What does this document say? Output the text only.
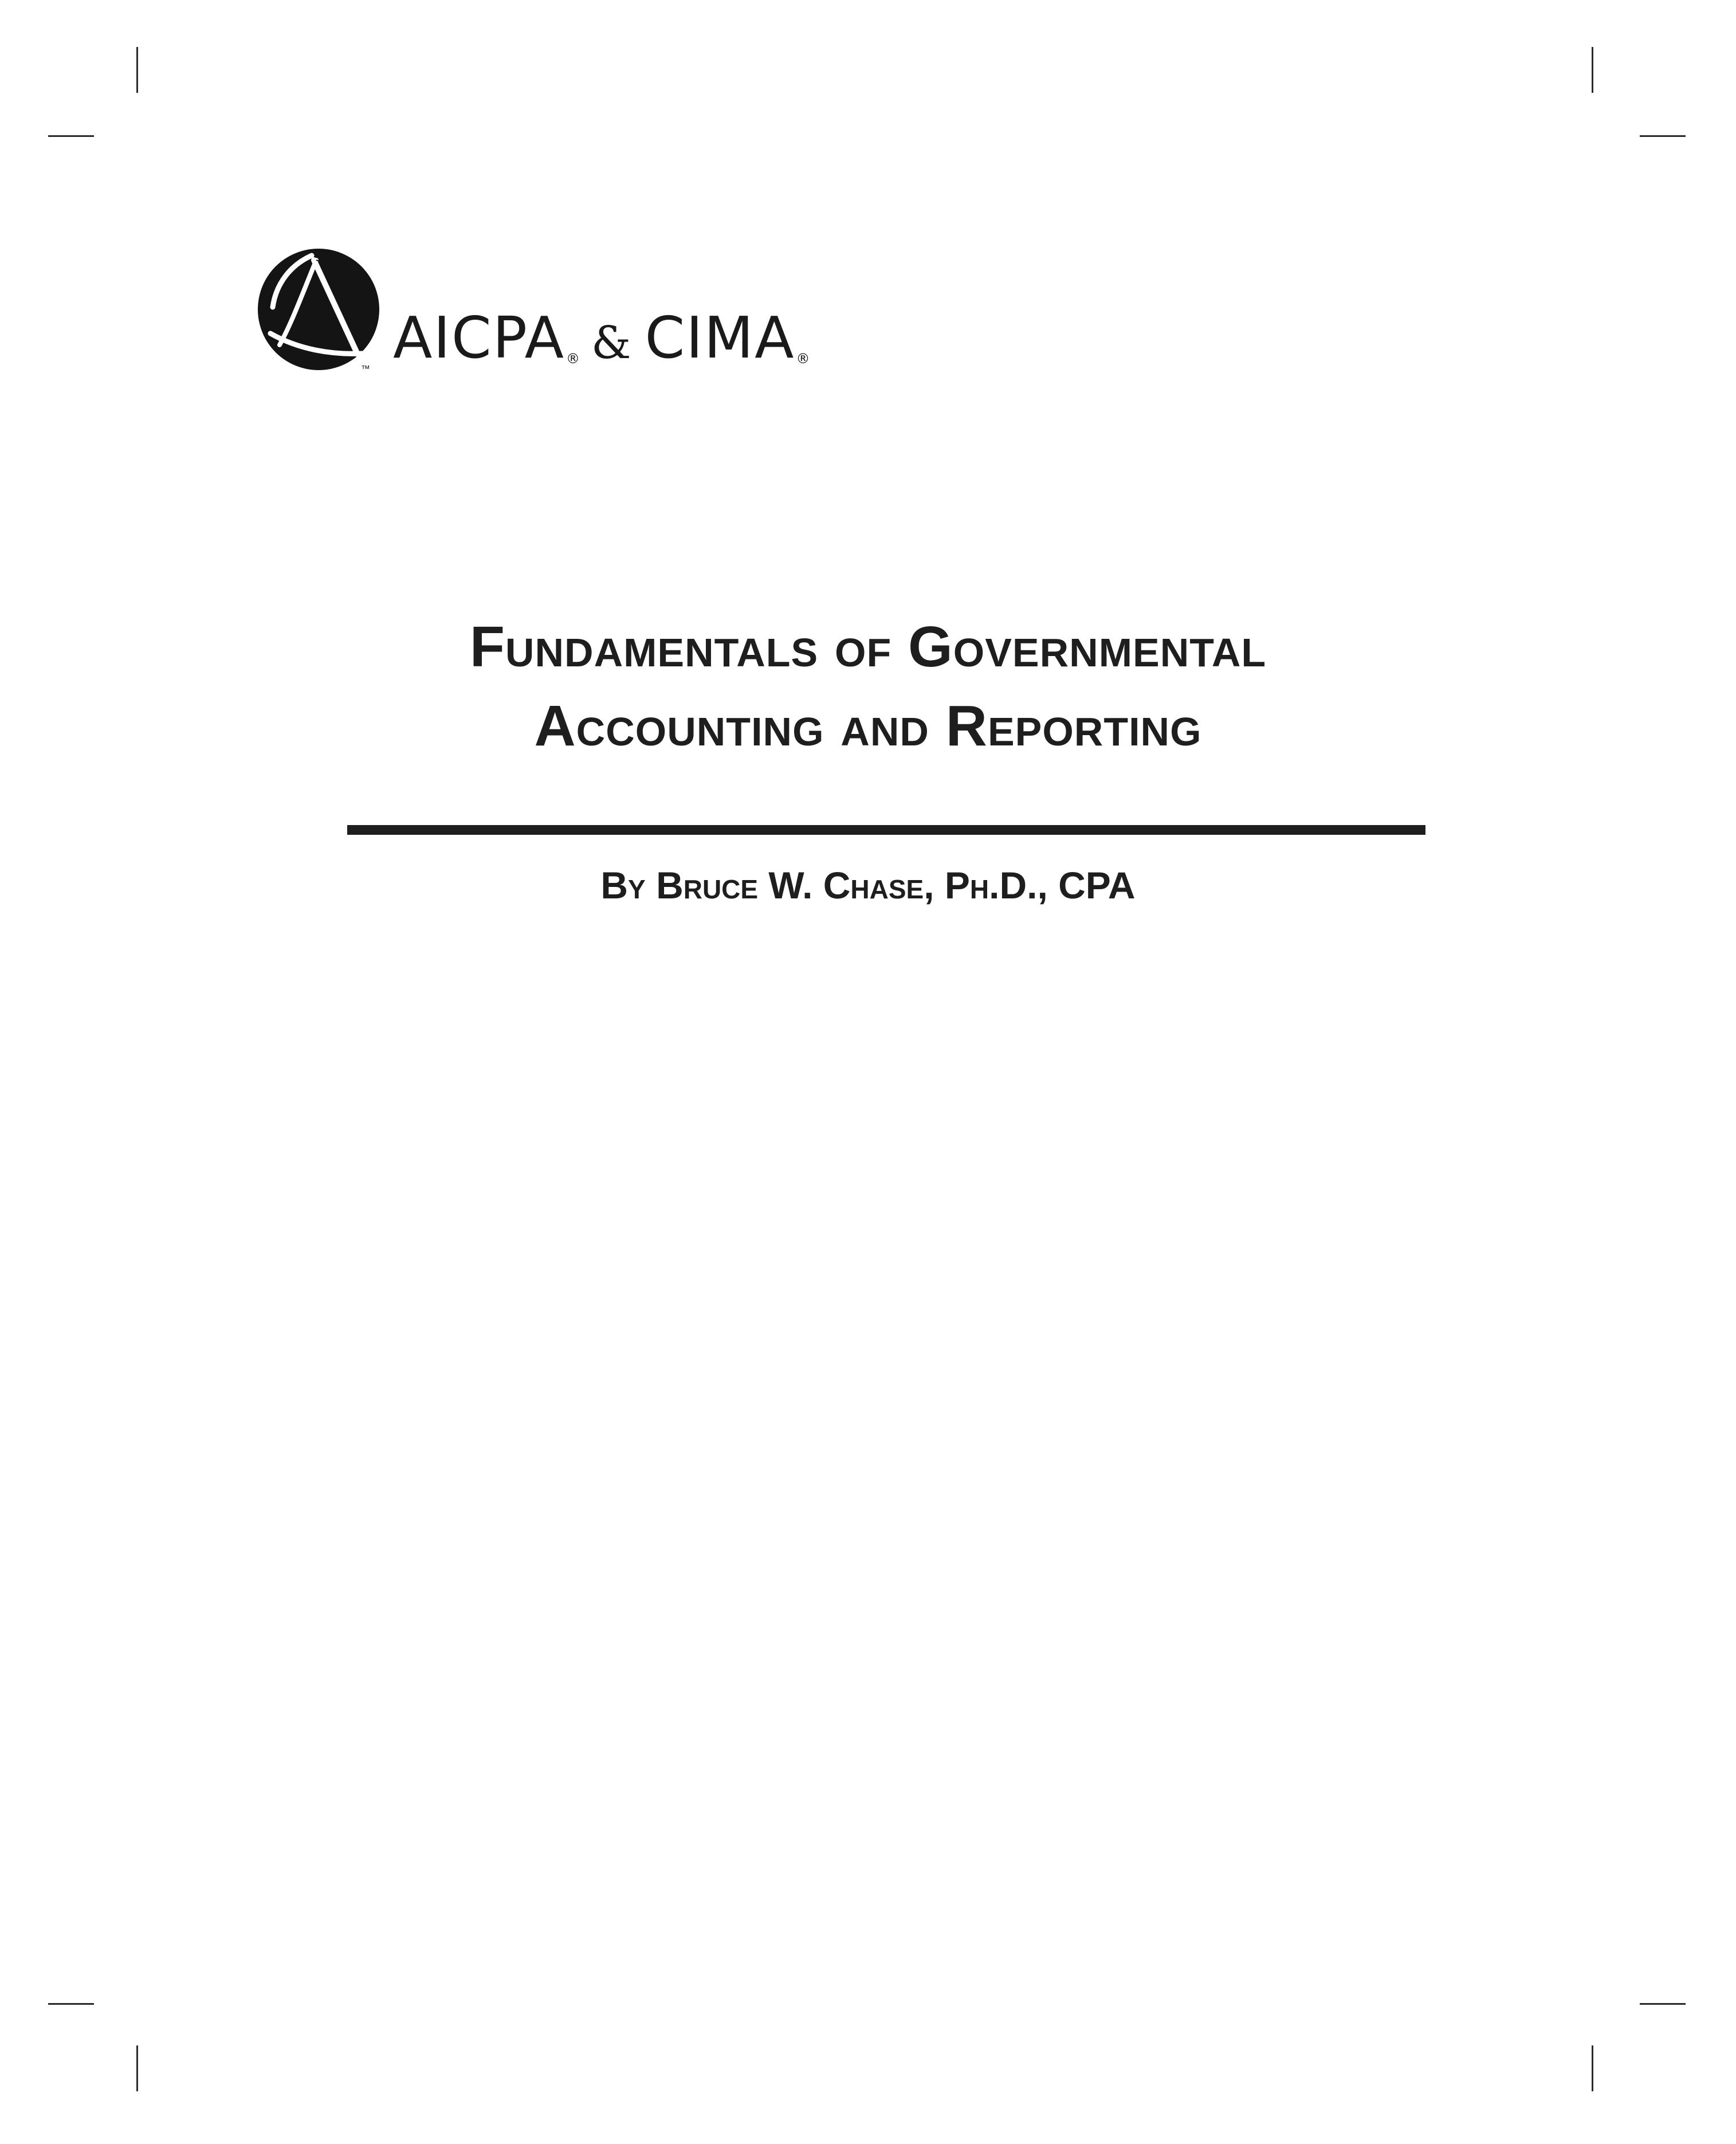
™ AICPA® & CIMA®
Fundamentals of Governmental
Accounting and Reporting
By Bruce W. Chase, Ph.D., CPA
